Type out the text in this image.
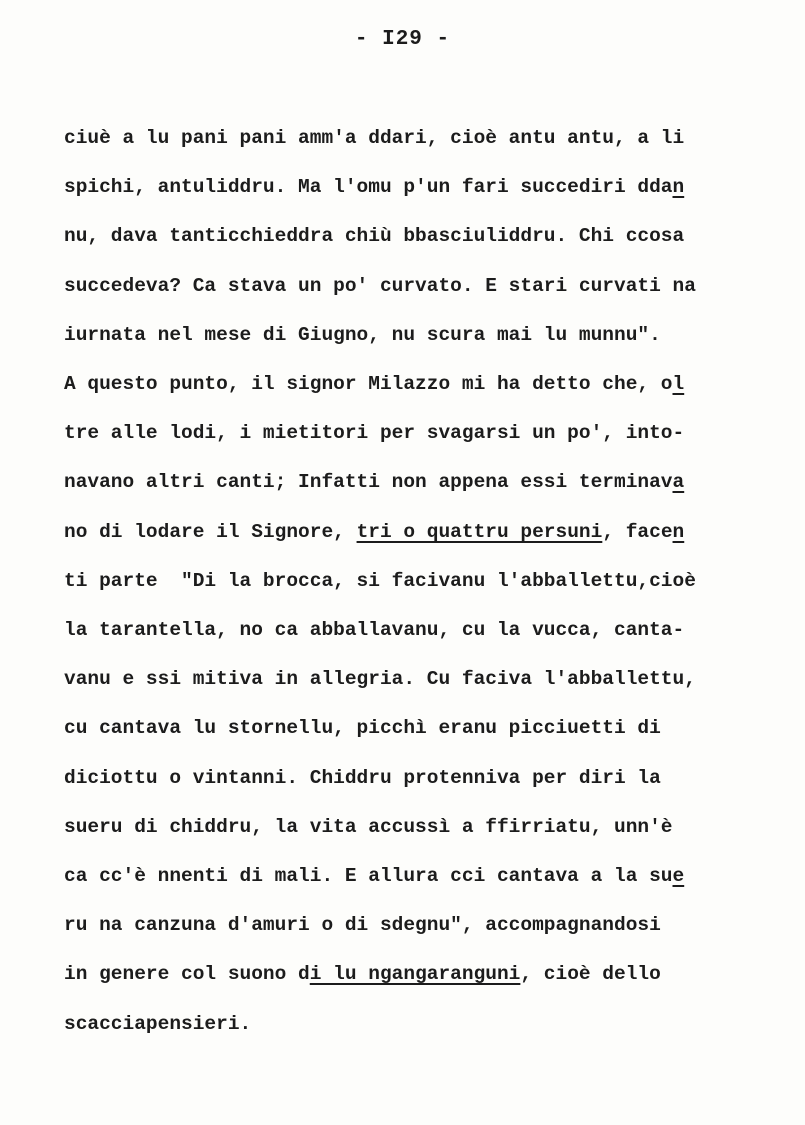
- I29 -
ciuè a lu pani pani amm'a ddari, cioè antu antu, a li
spichi, antuliddru. Ma l'omu p'un fari succediri ddan
nu, dava tanticchieddra chiù bbasciuliddru. Chi ccosa
succedeva? Ca stava un po' curvato. E stari curvati na
iurnata nel mese di Giugno, nu scura mai lu munnu".
A questo punto, il signor Milazzo mi ha detto che, ol
tre alle lodi, i mietitori per svagarsi un po', into-
navano altri canti; Infatti non appena essi terminava
no di lodare il Signore, tri o quattru persuni, facen
ti parte  "Di la brocca, si facivanu l'abballettu,cioè
la tarantella, no ca abballavanu, cu la vucca, canta-
vanu e ssi mitiva in allegria. Cu faciva l'abballettu,
cu cantava lu stornellu, picchì eranu picciuetti di
diciottu o vintanni. Chiddru protenniva per diri la
sueru di chiddru, la vita accussì a ffirriatu, unn'è
ca cc'è nnenti di mali. E allura cci cantava a la sue
ru na canzuna d'amuri o di sdegnu", accompagnandosi
in genere col suono di lu ngangaranguni, cioè dello
scacciapensieri.
